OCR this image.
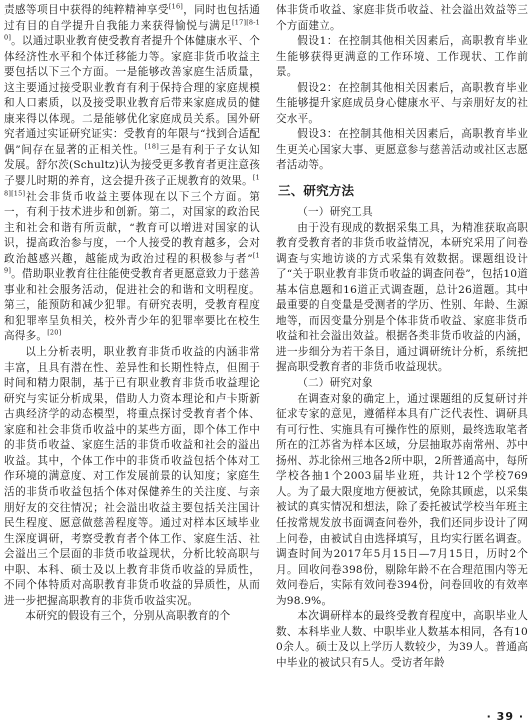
责感等项目中获得的纯粹精神享受[16]，同时也包括通过有目的自学提升自我能力来获得愉悦与满足[17][8-10]。以通过职业教育使受教育者提升个体健康水平、个体经济性水平和个体迁移能力等。家庭非货币收益主要包括以下三个方面。一是能够改善家庭生活质量，这主要通过接受职业教育有利于保持合理的家庭规模和人口素质，以及接受职业教育后带来家庭成员的健康来得以体现。二是能够优化家庭成员关系。国外研究者通过实证研究证实：受教育的年限与“找到合适配偶”间存在显著的正相关性。[18]三是有利于子女认知发展。舒尔茨(Schultz)认为接受更多教育者更注意孩子婴儿时期的养育，这会提升孩子正规教育的效果。[18][15]社会非货币收益主要体现在以下三个方面。第一，有利于技术进步和创新。第二，对国家的政治民主和社会和谐有所贡献，“教育可以增进对国家的认识，提高政治参与度，一个人接受的教育越多，会对政治越感兴趣，越能成为政治过程的积极参与者”[19]。借助职业教育往往能使受教育者更愿意致力于慈善事业和社会服务活动，促进社会的和谐和文明程度。第三，能预防和减少犯罪。有研究表明，受教育程度和犯罪率呈负相关，校外青少年的犯罪率要比在校生高得多。[20]

以上分析表明，职业教育非货币收益的内涵非常丰富，且具有潜在性、差异性和长期性特点，但囿于时间和精力限制，基于已有职业教育非货币收益理论研究与实证分析成果，借助人力资本理论和卢卡斯新古典经济学的动态模型，将重点探讨受教育者个体、家庭和社会非货币收益中的某些方面，即个体工作中的非货币收益、家庭生活的非货币收益和社会的溢出收益。其中，个体工作中的非货币收益包括个体对工作环境的满意度、对工作发展前景的认知度；家庭生活的非货币收益包括个体对保健养生的关注度、与亲朋好友的交往情况；社会溢出收益主要包括关注国计民生程度、愿意做慈善程度等。通过对样本区域毕业生深度调研，考察受教育者个体工作、家庭生活、社会溢出三个层面的非货币收益现状，分析比较高职与中职、本科、硕士及以上教育非货币收益的异质性，不同个体特质对高职教育非货币收益的异质性，从而进一步把握高职教育的非货币收益实况。

本研究的假设有三个，分别从高职教育的个

体非货币收益、家庭非货币收益、社会溢出效益等三个方面建立。

假设1：在控制其他相关因素后，高职教育毕业生能够获得更满意的工作环境、工作现状、工作前景。

假设2：在控制其他相关因素后，高职教育毕业生能够提升家庭成员身心健康水平、与亲朋好友的社交水平。

假设3：在控制其他相关因素后，高职教育毕业生更关心国家大事、更愿意参与慈善活动或社区志愿者活动等。

三、研究方法

（一）研究工具

由于没有现成的数据采集工具，为精准获取高职教育受教育者的非货币收益情况，本研究采用了问卷调查与实地访谈的方式采集有效数据。课题组设计了“关于职业教育非货币收益的调查问卷”，包括10道基本信息题和16道正式调查题，总计26道题。其中最重要的自变量是受测者的学历、性别、年龄、生源地等，而因变量分别是个体非货币收益、家庭非货币收益和社会溢出效益。根据各类非货币收益的内涵，进一步细分为若干条目，通过调研统计分析，系统把握高职受教育者的非货币收益现状。

（二）研究对象

在调查对象的确定上，通过课题组的反复研讨并征求专家的意见，遵循样本具有广泛代表性、调研具有可行性、实施具有可操作性的原则，最终选取笔者所在的江苏省为样本区域，分层抽取苏南常州、苏中扬州、苏北徐州三地各2所中职，2所普通高中，每所学校各抽1个2003届毕业班，共计12个学校769人。为了最大限度地方便被试，免除其顾虑，以采集被试的真实情况和想法，除了委托被试学校当年班主任按常规发放书面调查问卷外，我们还同步设计了网上问卷，由被试自由选择填写，且均实行匿名调查。调查时间为2017年5月15日—7月15日，历时2个月。回收问卷398份，剔除年龄不在合理范围内等无效问卷后，实际有效问卷394份，问卷回收的有效率为98.9%。

本次调研样本的最终受教育程度中，高职毕业人数、本科毕业人数、中职毕业人数基本相同，各有100余人。硕士及以上学历人数较少，为39人。普通高中毕业的被试只有5人。受访者年龄

· 39 ·
